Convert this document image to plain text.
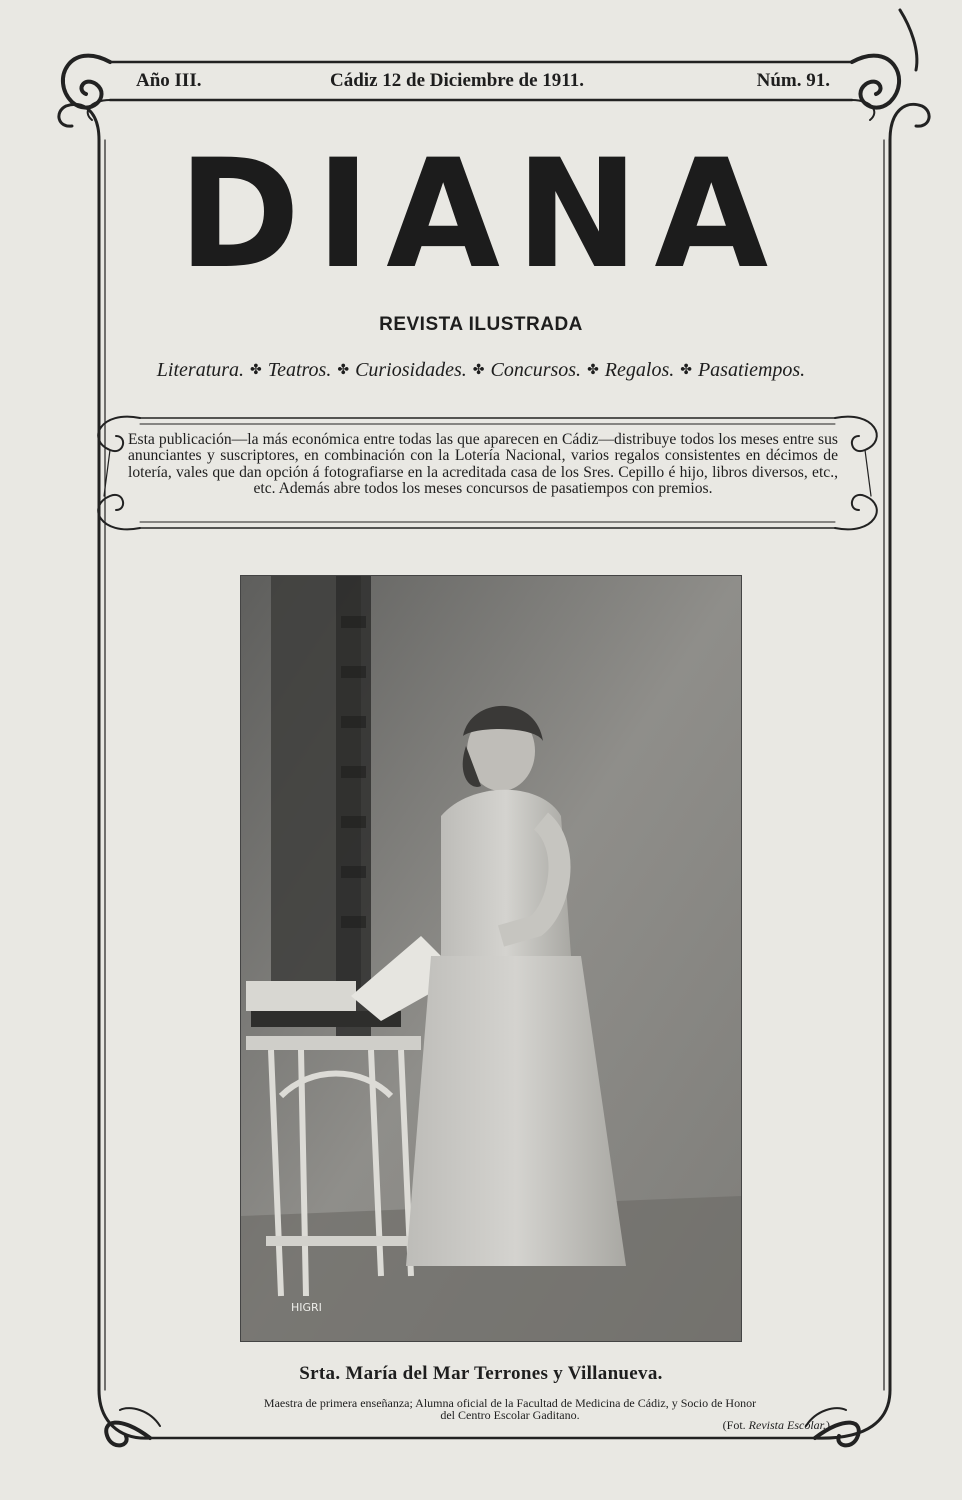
Año III.	Cádiz 12 de Diciembre de 1911.	Núm. 91.
DIANA
REVISTA ILUSTRADA
Literatura. ✤ Teatros. ✤ Curiosidades. ✤ Concursos. ✤ Regalos. ✤ Pasatiempos.
Esta publicación—la más económica entre todas las que aparecen en Cádiz—distribuye todos los meses entre sus anunciantes y suscriptores, en combinación con la Lotería Nacional, varios regalos consistentes en décimos de lotería, vales que dan opción á fotografiarse en la acreditada casa de los Sres. Cepillo é hijo, libros diversos, etc., etc. Además abre todos los meses concursos de pasatiempos con premios.
HIGRI
Srta. María del Mar Terrones y Villanueva.
Maestra de primera enseñanza; Alumna oficial de la Facultad de Medicina de Cádiz, y Socio de Honor
del Centro Escolar Gaditano.
(Fot. Revista Escolar.)
